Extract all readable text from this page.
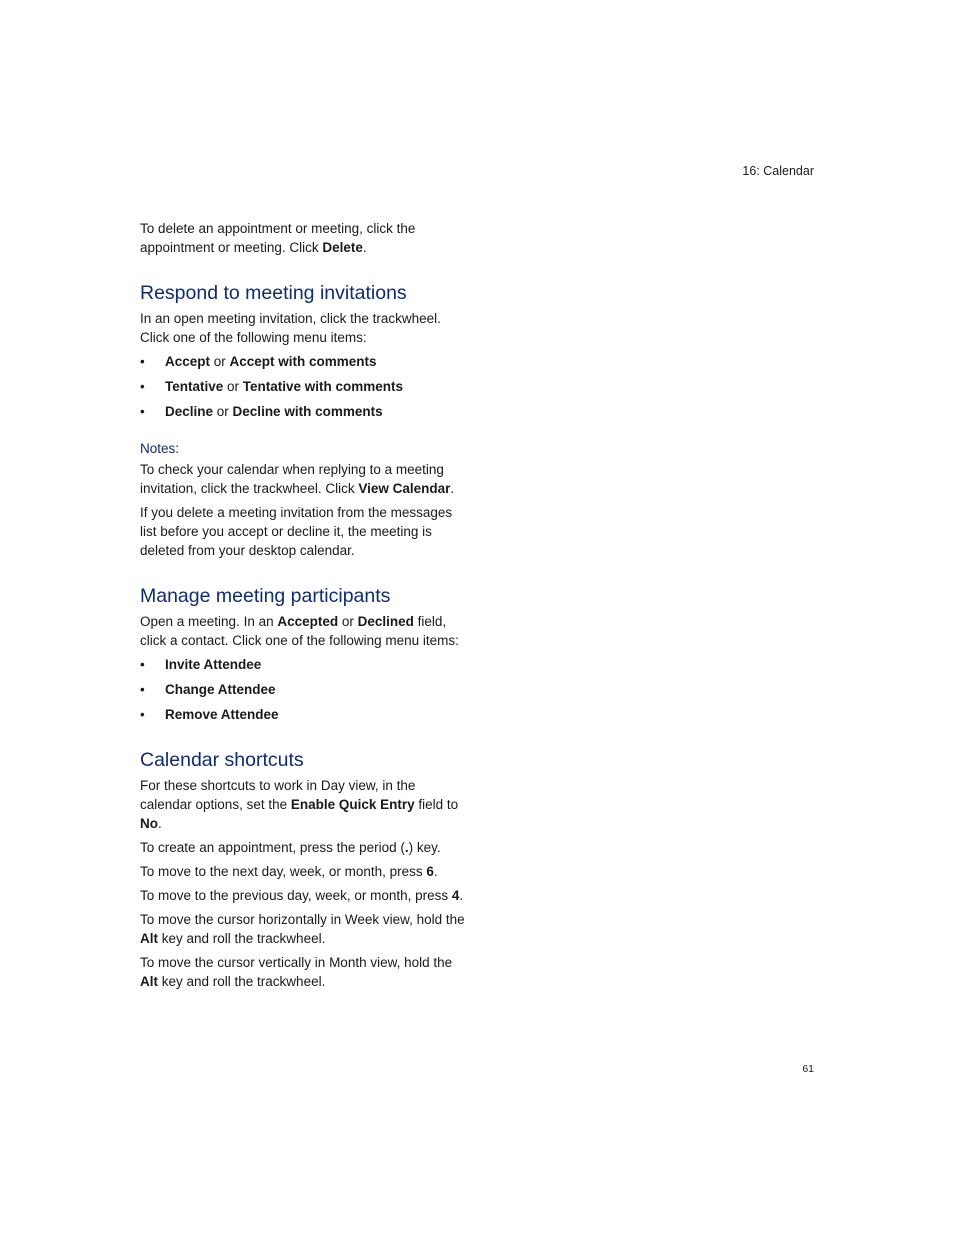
16: Calendar

To delete an appointment or meeting, click the appointment or meeting. Click Delete.

Respond to meeting invitations

In an open meeting invitation, click the trackwheel. Click one of the following menu items:

• Accept or Accept with comments
• Tentative or Tentative with comments
• Decline or Decline with comments
Notes:

To check your calendar when replying to a meeting invitation, click the trackwheel. Click View Calendar.

If you delete a meeting invitation from the messages list before you accept or decline it, the meeting is deleted from your desktop calendar.

Manage meeting participants

Open a meeting. In an Accepted or Declined field, click a contact. Click one of the following menu items:

• Invite Attendee
• Change Attendee
• Remove Attendee
Calendar shortcuts

For these shortcuts to work in Day view, in the calendar options, set the Enable Quick Entry field to No.

To create an appointment, press the period (.) key.

To move to the next day, week, or month, press 6.

To move to the previous day, week, or month, press 4.

To move the cursor horizontally in Week view, hold the Alt key and roll the trackwheel.

To move the cursor vertically in Month view, hold the Alt key and roll the trackwheel.

61
